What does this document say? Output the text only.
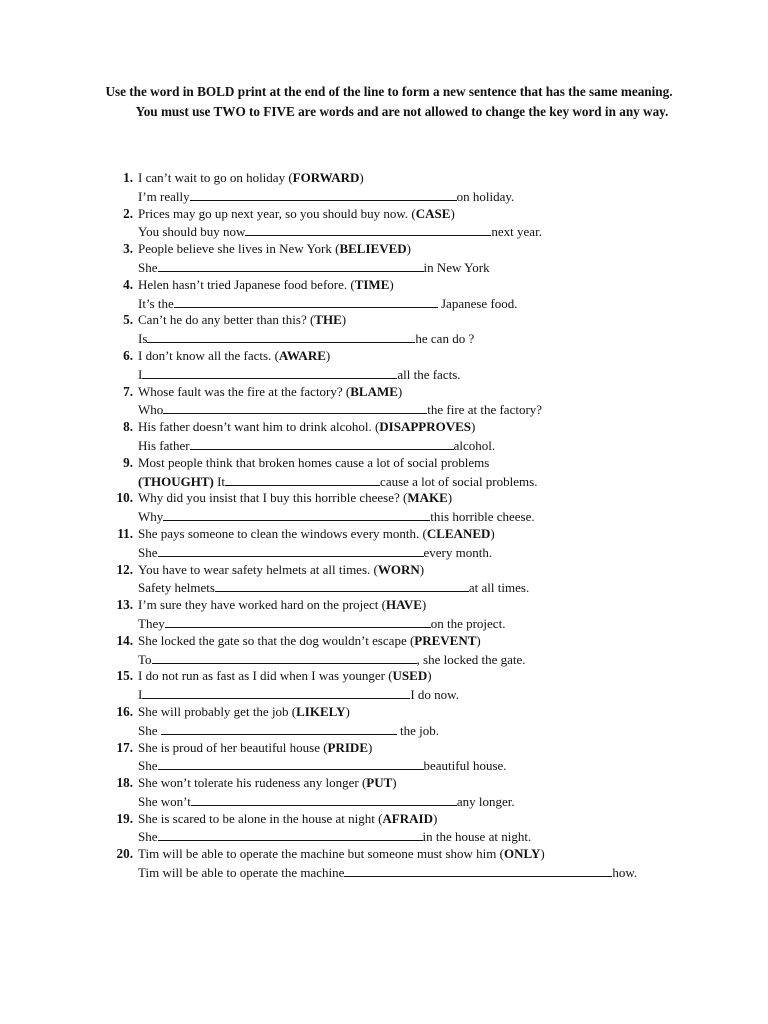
Use the word in BOLD print at the end of the line to form a new sentence that has the same meaning.You must use TWO to FIVE are words and are not allowed to change the key word in any way.
1. I can’t wait to go on holiday (FORWARD)
I’m really	on holiday.
2. Prices may go up next year, so you should buy now. (CASE)
You should buy now	next year.
3. People believe she lives in New York (BELIEVED)
She	in New York
4. Helen hasn’t tried Japanese food before. (TIME)
It’s the	Japanese food.
5. Can’t he do any better than this? (THE)
Is	he can do ?
6. I don’t know all the facts. (AWARE)
I	all the facts.
7. Whose fault was the fire at the factory? (BLAME)
Who	the fire at the factory?
8. His father doesn’t want him to drink alcohol. (DISAPPROVES)
His father	alcohol.
9. Most people think that broken homes cause a lot of social problems
(THOUGHT) It	cause a lot of social problems.
10. Why did you insist that I buy this horrible cheese? (MAKE)
Why	this horrible cheese.
11. She pays someone to clean the windows every month. (CLEANED)
She	every month.
12. You have to wear safety helmets at all times. (WORN)
Safety helmets	at all times.
13. I’m sure they have worked hard on the project (HAVE)
They	on the project.
14. She locked the gate so that the dog wouldn’t escape (PREVENT)
To	, she locked the gate.
15. I do not run as fast as I did when I was younger (USED)
I	I do now.
16. She will probably get the job (LIKELY)
She	the job.
17. She is proud of her beautiful house (PRIDE)
She	beautiful house.
18. She won’t tolerate his rudeness any longer (PUT)
She won’t	any longer.
19. She is scared to be alone in the house at night (AFRAID)
She	in the house at night.
20. Tim will be able to operate the machine but someone must show him (ONLY)
Tim will be able to operate the machine	how.
